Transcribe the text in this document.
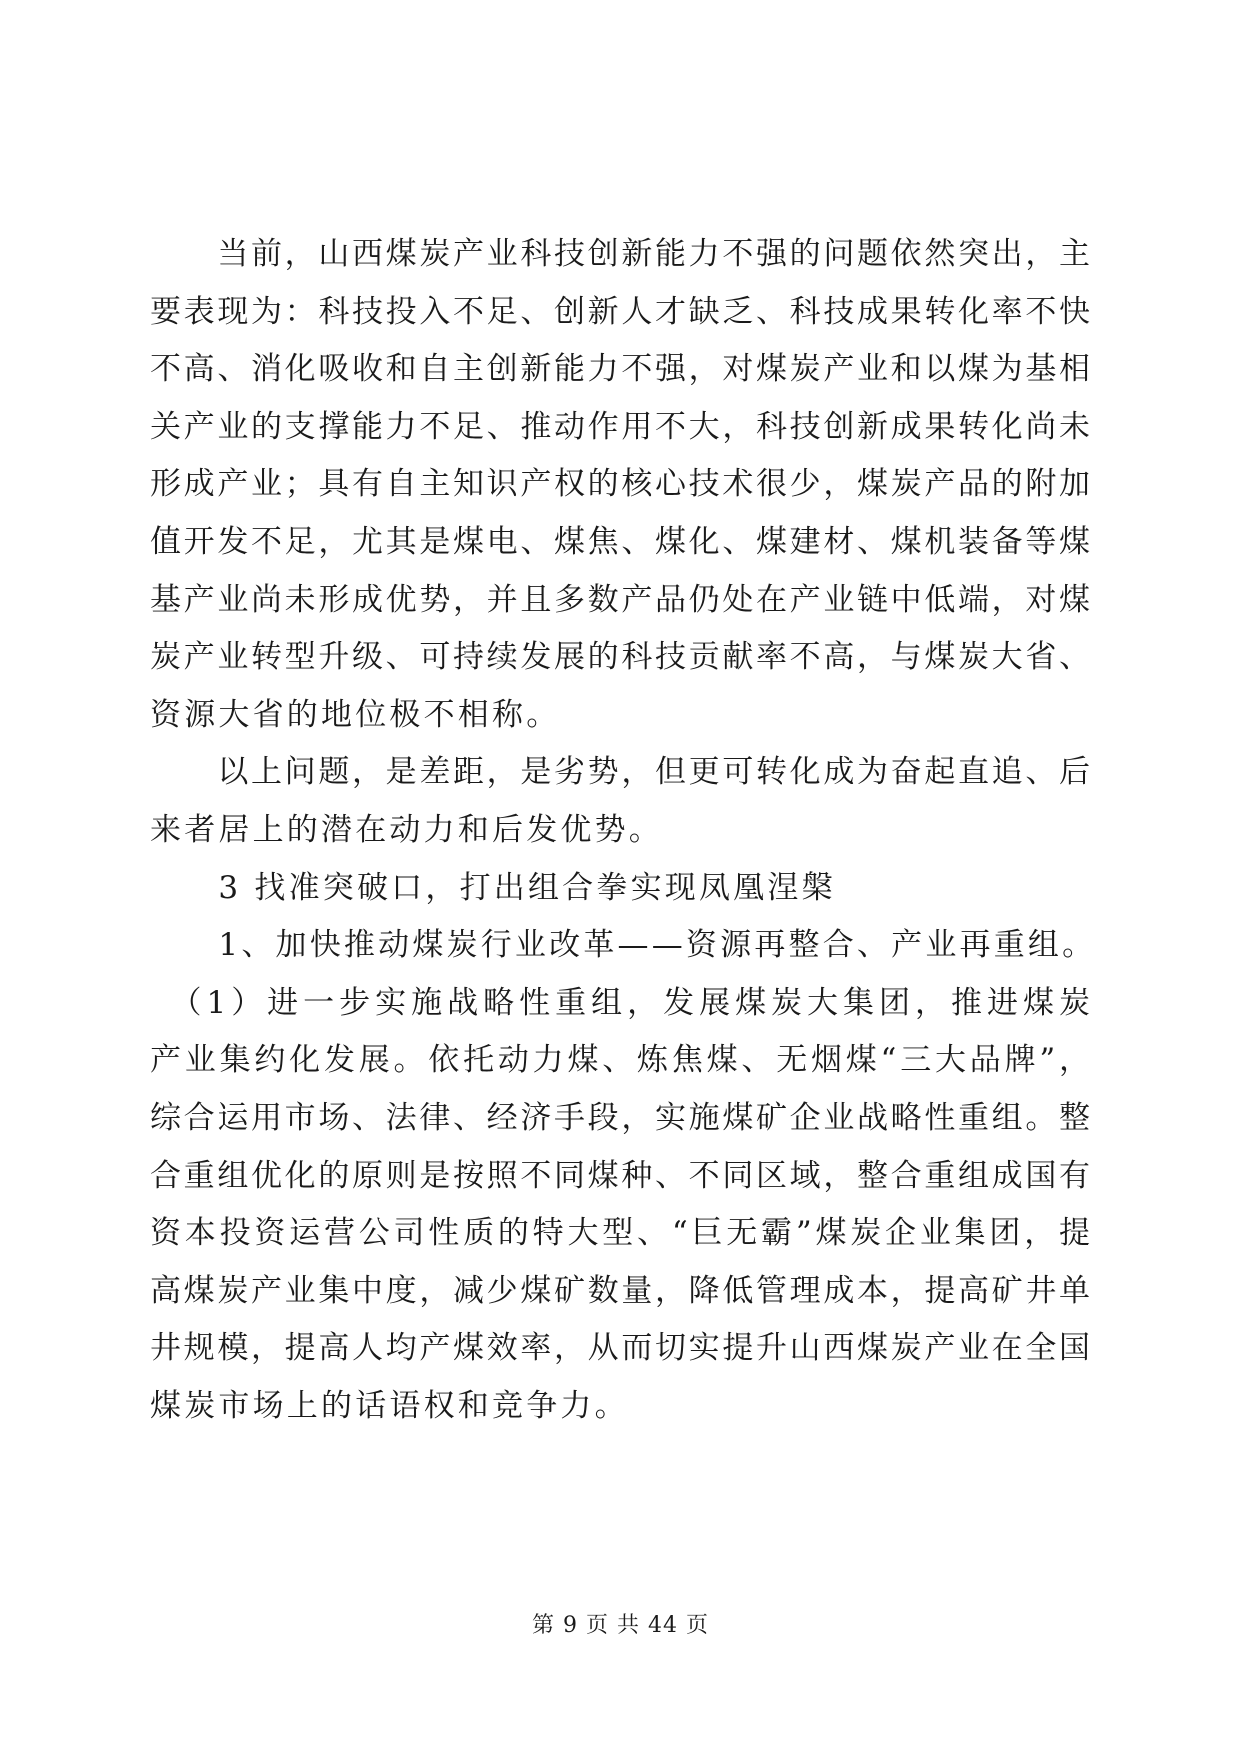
　　当前，山西煤炭产业科技创新能力不强的问题依然突出，主
要表现为：科技投入不足、创新人才缺乏、科技成果转化率不快
不高、消化吸收和自主创新能力不强，对煤炭产业和以煤为基相
关产业的支撑能力不足、推动作用不大，科技创新成果转化尚未
形成产业；具有自主知识产权的核心技术很少，煤炭产品的附加
值开发不足，尤其是煤电、煤焦、煤化、煤建材、煤机装备等煤
基产业尚未形成优势，并且多数产品仍处在产业链中低端，对煤
炭产业转型升级、可持续发展的科技贡献率不高，与煤炭大省、
资源大省的地位极不相称。
　　以上问题，是差距，是劣势，但更可转化成为奋起直追、后
来者居上的潜在动力和后发优势。
　　3 找准突破口，打出组合拳实现凤凰涅槃
　　1、加快推动煤炭行业改革——资源再整合、产业再重组。
　（1）进一步实施战略性重组，发展煤炭大集团，推进煤炭
产业集约化发展。依托动力煤、炼焦煤、无烟煤“三大品牌”，
综合运用市场、法律、经济手段，实施煤矿企业战略性重组。整
合重组优化的原则是按照不同煤种、不同区域，整合重组成国有
资本投资运营公司性质的特大型、“巨无霸”煤炭企业集团，提
高煤炭产业集中度，减少煤矿数量，降低管理成本，提高矿井单
井规模，提高人均产煤效率，从而切实提升山西煤炭产业在全国
煤炭市场上的话语权和竞争力。
第 9 页 共 44 页
